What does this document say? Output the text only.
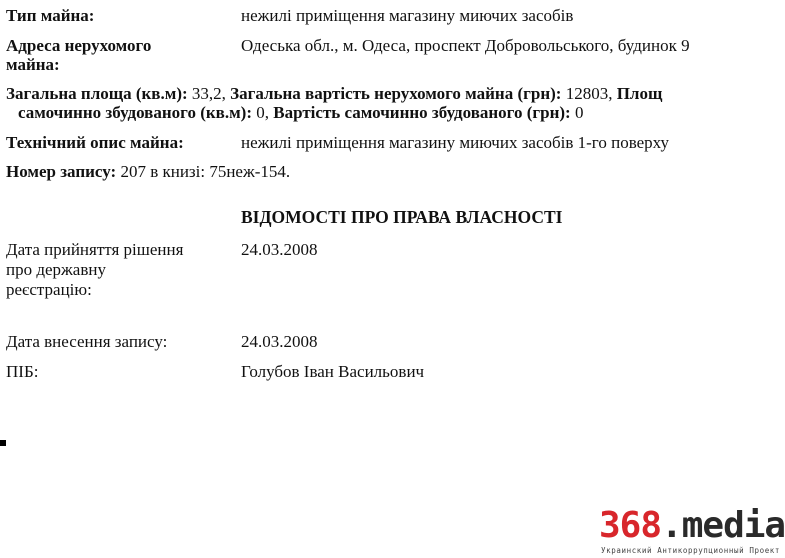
Тип майна:	нежилі приміщення магазину миючих засобів
Адреса нерухомого
майна:
Одеська обл., м. Одеса, проспект Добровольського, будинок 9
Загальна площа (кв.м): 33,2, Загальна вартість нерухомого майна (грн): 12803, Площ
самочинно збудованого (кв.м): 0, Вартість самочинно збудованого (грн): 0
Технічний опис майна:	нежилі приміщення магазину миючих засобів 1-го поверху
Номер запису: 207 в книзі: 75неж-154.
ВІДОМОСТІ ПРО ПРАВА ВЛАСНОСТІ
Дата прийняття рішення
про державну
реєстрацію:
24.03.2008
Дата внесення запису:	24.03.2008
ПІБ:	Голубов Іван Васильович
368.media
Украинский Антикоррупционный Проект
